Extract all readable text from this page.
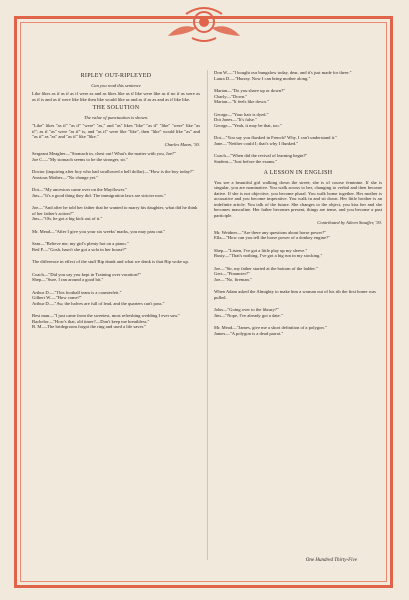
RIPLEY OUT-RIPLEYED
Can you read this sentence

Like likes as if as if as if were as and as likes like as if like were like as if no if as were as as if is and as if were like like then like would like as and as if as as and as if like like.

THE SOLUTION
The value of punctuation is shown.

"Like" likes "as if" "as if" "were" "as," and "as" likes "like" "as if" "like" "were" like "as if"; as if "as" were "as if" is, and "as if" were like "like", then "like" would like "as" and "as if" as "as" and "as if" like "like."

Charles Mann, '30.

Sergeant Meagher—"Stomach in, chest out! What's the matter with you, Joe?"

Joe C.—"My stomach seems to be the stronger, sir."

Doctor (inquiring after boy who had swallowed a bell dollar)—"How is the boy today?"

Anxious Mother—"No change yet."

Dot—"My ancestors came over on the Mayflower."

Jim—"It's a good thing they did. The immigration laws are stricter now."

Joe—"And after he told her father that he wanted to marry his daughter, what did he think of her father's action?"

Jim—"Oh, he got a big kick out of it."

Mr. Mead—"After I give you your six weeks' marks, you may pass out."

Sam—"Believe me, my girl's plenty hot on a piano."

Red P.—"Gosh, hasn't she got a sofa in her house?"

The difference in effect of the stuff Rip drank and what we drink is that Rip woke up.

Coach—"Did you say you kept in Training over vacation?"

Shep—"Sure, I ran around a good bit."

Arthur D.—"This football team is a counterfeit."

Gilbert W.—"How come?"

Arthur D.—"Aw, the halves are full of lead, and the quarters can't pass."

Best man—"I just came from the sweetest, most refreshing wedding I ever saw."

Bachelor—"How's that, old timer?—Don't keep me breathless."

B. M.—The bridegroom forgot the ring and used a life saver."

Don W.—"I bought our bungalow today, dear, and it's just made for three."

Laura D.—"Hurray. Now I can bring mother along."

Marian—"Do you shave up or down?"

Charly—"Down."

Marian—"It feels like down."

George—"Your hair is dyed."

Dot Jones—"It's false."

George—"Yeah, it may be that, too."

Dot—"You say you flunked in French? Why, I can't understand it."

Jane—"Neither could I; that's why I flunked."

Coach—"When did the revival of learning begin?"

Student—"Just before the exams."

A LESSON IN ENGLISH

You see a beautiful girl walking down the street; she is of course feminine. If she is singular, you are nominative. You walk across to her, changing to verbal and then become dative. If she is not objective, you become plural. You walk home together. Her mother is accusative and you become imperative. You walk in and sit down. Her little brother is an indefinite article. You talk of the future. She changes to the object, you kiss her and she becomes masculine. Her father becomes present, things are tense, and you become a past participle.

Contributed by Aileen Stauffer, '30.

Mr. Weidner—"Are there any questions about horse power?"

Ella—"How can you tell the horse power of a donkey engine?"

Shep—"Listen, I've got a little play up my sleeve."

Rusty—"That's nothing, I've got a big run in my stocking."

Joe—"Sir, my father started at the bottom of the ladder."

Gert—"Financier?"

Joe—"No, fireman."

When Adam asked the Almighty to make him a woman out of his rib the first boner was pulled.

John—"Going over to the library?"

Jim—"Nope, I've already got a date."

Mr. Mead—"James, give me a short definition of a polygon."

James—"A polygon is a dead parrot."

One Hundred Thirty-Five
